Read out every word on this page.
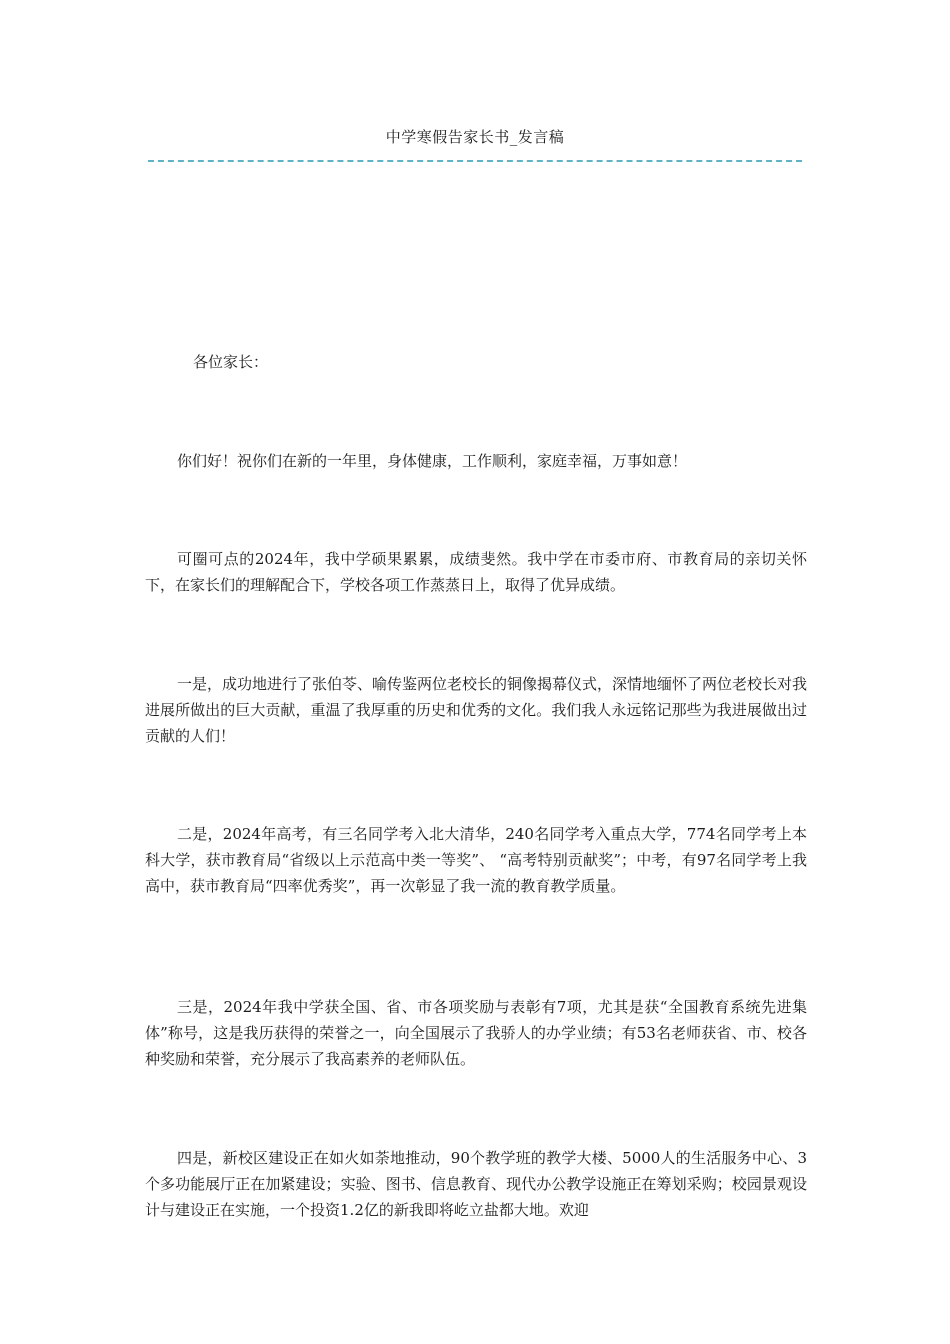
中学寒假告家长书_发言稿

各位家长：

你们好！祝你们在新的一年里，身体健康，工作顺利，家庭幸福，万事如意！

可圈可点的2024年，我中学硕果累累，成绩斐然。我中学在市委市府、市教育局的亲切关怀下，在家长们的理解配合下，学校各项工作蒸蒸日上，取得了优异成绩。

一是，成功地进行了张伯苓、喻传鉴两位老校长的铜像揭幕仪式，深情地缅怀了两位老校长对我进展所做出的巨大贡献，重温了我厚重的历史和优秀的文化。我们我人永远铭记那些为我进展做出过贡献的人们！

二是，2024年高考，有三名同学考入北大清华，240名同学考入重点大学，774名同学考上本科大学，获市教育局“省级以上示范高中类一等奖”、 “高考特别贡献奖”；中考，有97名同学考上我高中，获市教育局“四率优秀奖”，再一次彰显了我一流的教育教学质量。

三是，2024年我中学获全国、省、市各项奖励与表彰有7项，尤其是获“全国教育系统先进集体”称号，这是我历获得的荣誉之一，向全国展示了我骄人的办学业绩；有53名老师获省、市、校各种奖励和荣誉，充分展示了我高素养的老师队伍。

四是，新校区建设正在如火如荼地推动，90个教学班的教学大楼、5000人的生活服务中心、3个多功能展厅正在加紧建设；实验、图书、信息教育、现代办公教学设施正在筹划采购；校园景观设计与建设正在实施，一个投资1.2亿的新我即将屹立盐都大地。欢迎
